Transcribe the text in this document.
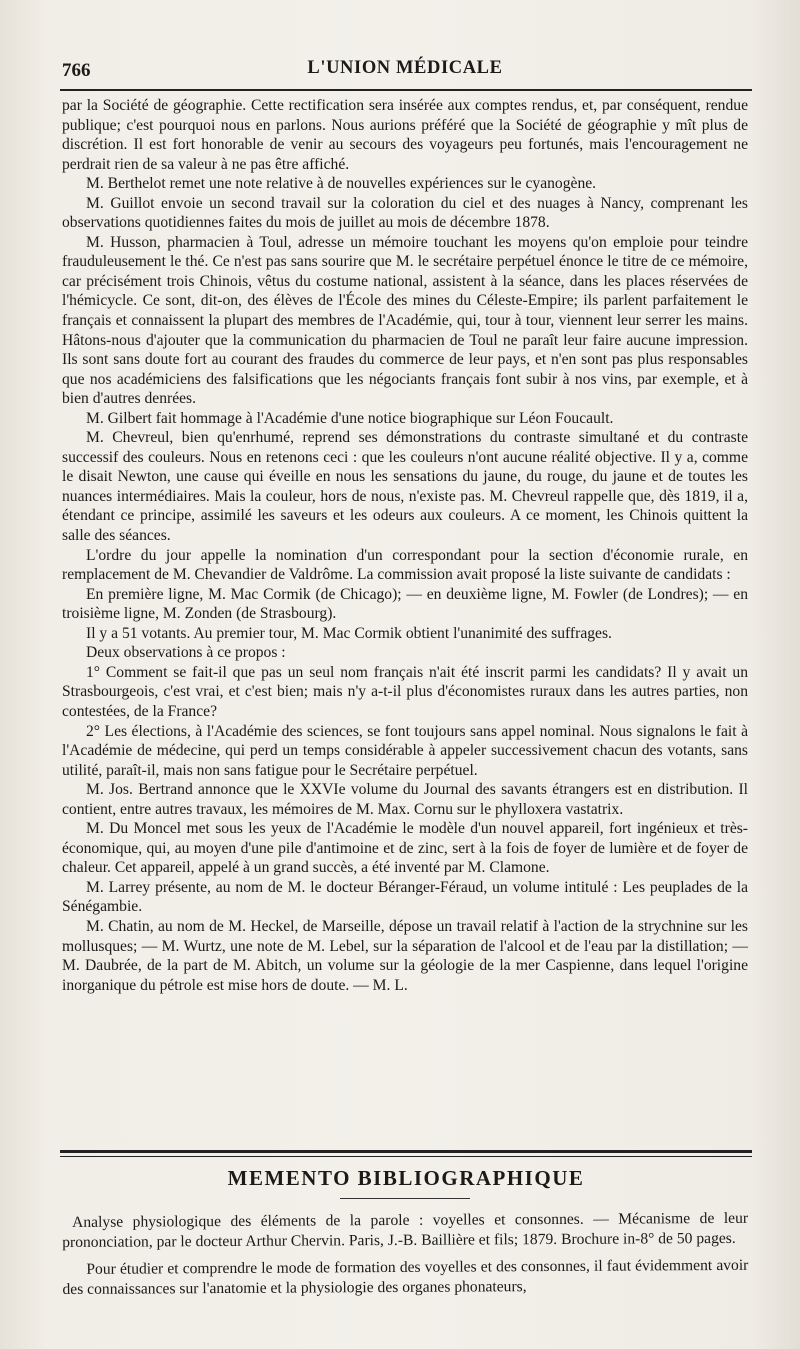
766	L'UNION MÉDICALE

par la Société de géographie. Cette rectification sera insérée aux comptes rendus, et, par conséquent, rendue publique; c'est pourquoi nous en parlons. Nous aurions préféré que la Société de géographie y mît plus de discrétion. Il est fort honorable de venir au secours des voyageurs peu fortunés, mais l'encouragement ne perdrait rien de sa valeur à ne pas être affiché.

M. Berthelot remet une note relative à de nouvelles expériences sur le cyanogène.

M. Guillot envoie un second travail sur la coloration du ciel et des nuages à Nancy, comprenant les observations quotidiennes faites du mois de juillet au mois de décembre 1878.

M. Husson, pharmacien à Toul, adresse un mémoire touchant les moyens qu'on emploie pour teindre frauduleusement le thé. Ce n'est pas sans sourire que M. le secrétaire perpétuel énonce le titre de ce mémoire, car précisément trois Chinois, vêtus du costume national, assistent à la séance, dans les places réservées de l'hémicycle. Ce sont, dit-on, des élèves de l'École des mines du Céleste-Empire; ils parlent parfaitement le français et connaissent la plupart des membres de l'Académie, qui, tour à tour, viennent leur serrer les mains. Hâtons-nous d'ajouter que la communication du pharmacien de Toul ne paraît leur faire aucune impression. Ils sont sans doute fort au courant des fraudes du commerce de leur pays, et n'en sont pas plus responsables que nos académiciens des falsifications que les négociants français font subir à nos vins, par exemple, et à bien d'autres denrées.

M. Gilbert fait hommage à l'Académie d'une notice biographique sur Léon Foucault.

M. Chevreul, bien qu'enrhumé, reprend ses démonstrations du contraste simultané et du contraste successif des couleurs. Nous en retenons ceci : que les couleurs n'ont aucune réalité objective. Il y a, comme le disait Newton, une cause qui éveille en nous les sensations du jaune, du rouge, du jaune et de toutes les nuances intermédiaires. Mais la couleur, hors de nous, n'existe pas. M. Chevreul rappelle que, dès 1819, il a, étendant ce principe, assimilé les saveurs et les odeurs aux couleurs. A ce moment, les Chinois quittent la salle des séances.

L'ordre du jour appelle la nomination d'un correspondant pour la section d'économie rurale, en remplacement de M. Chevandier de Valdrôme. La commission avait proposé la liste suivante de candidats :

En première ligne, M. Mac Cormik (de Chicago); — en deuxième ligne, M. Fowler (de Londres); — en troisième ligne, M. Zonden (de Strasbourg).

Il y a 51 votants. Au premier tour, M. Mac Cormik obtient l'unanimité des suffrages.

Deux observations à ce propos :

1° Comment se fait-il que pas un seul nom français n'ait été inscrit parmi les candidats? Il y avait un Strasbourgeois, c'est vrai, et c'est bien; mais n'y a-t-il plus d'économistes ruraux dans les autres parties, non contestées, de la France?

2° Les élections, à l'Académie des sciences, se font toujours sans appel nominal. Nous signalons le fait à l'Académie de médecine, qui perd un temps considérable à appeler successivement chacun des votants, sans utilité, paraît-il, mais non sans fatigue pour le Secrétaire perpétuel.

M. Jos. Bertrand annonce que le XXVIe volume du Journal des savants étrangers est en distribution. Il contient, entre autres travaux, les mémoires de M. Max. Cornu sur le phylloxera vastatrix.

M. Du Moncel met sous les yeux de l'Académie le modèle d'un nouvel appareil, fort ingénieux et très-économique, qui, au moyen d'une pile d'antimoine et de zinc, sert à la fois de foyer de lumière et de foyer de chaleur. Cet appareil, appelé à un grand succès, a été inventé par M. Clamone.

M. Larrey présente, au nom de M. le docteur Béranger-Féraud, un volume intitulé : Les peuplades de la Sénégambie.

M. Chatin, au nom de M. Heckel, de Marseille, dépose un travail relatif à l'action de la strychnine sur les mollusques; — M. Wurtz, une note de M. Lebel, sur la séparation de l'alcool et de l'eau par la distillation; — M. Daubrée, de la part de M. Abitch, un volume sur la géologie de la mer Caspienne, dans lequel l'origine inorganique du pétrole est mise hors de doute. — M. L.

MEMENTO BIBLIOGRAPHIQUE

Analyse physiologique des éléments de la parole : voyelles et consonnes. — Mécanisme de leur prononciation, par le docteur Arthur Chervin. Paris, J.-B. Baillière et fils; 1879. Brochure in-8° de 50 pages.

Pour étudier et comprendre le mode de formation des voyelles et des consonnes, il faut évidemment avoir des connaissances sur l'anatomie et la physiologie des organes phonateurs,
